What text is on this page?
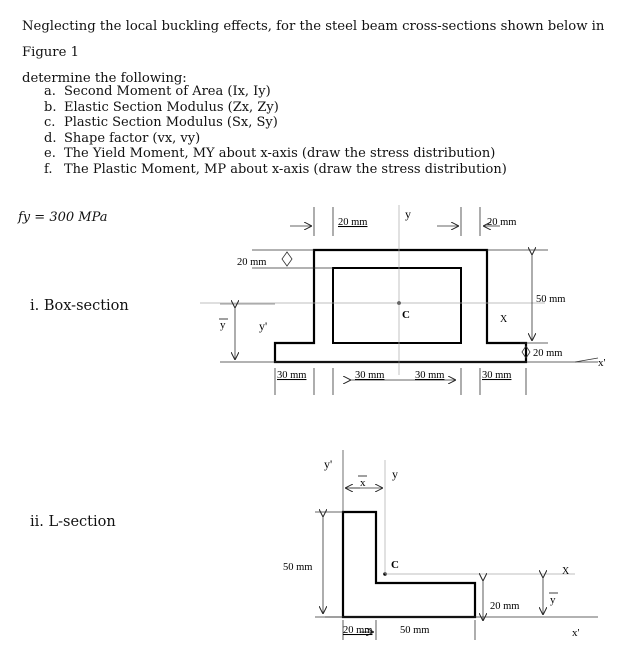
Neglecting the local buckling effects, for the steel beam cross-sections shown below in Figure 1
determine the following:
a. Second Moment of Area (Ix, Iy)
b. Elastic Section Modulus (Zx, Zy)
c. Plastic Section Modulus (Sx, Sy)
d. Shape factor (vx, vy)
e. The Yield Moment, MY about x-axis (draw the stress distribution)
f. The Plastic Moment, MP about x-axis (draw the stress distribution)
fy = 300 MPa
i. Box-section
ii. L-section
20 mm
20 mm	20 mm
50 mm
20 mm
30 mm	30 mm	30 mm	30 mm
y
y'
y	X
x'
C
50 mm
20 mm
20 mm	50 mm
y'
x
y
X
x'
y
C
